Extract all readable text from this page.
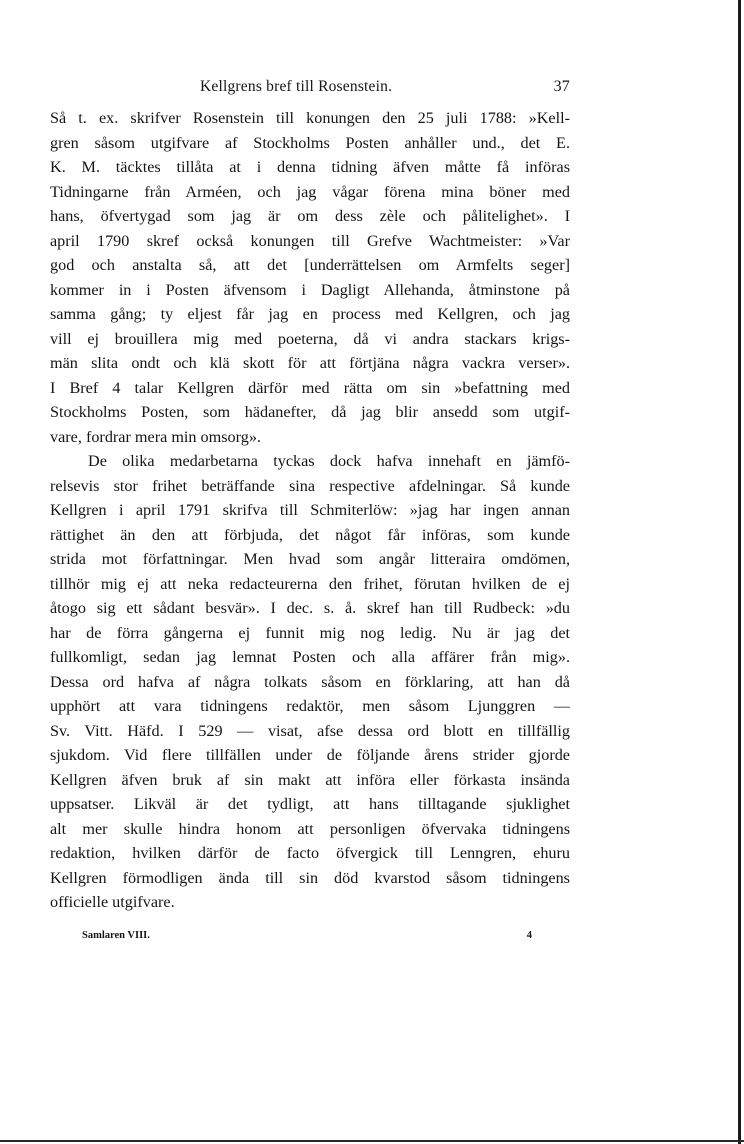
Kellgrens bref till Rosenstein.	37
Så t. ex. skrifver Rosenstein till konungen den 25 juli 1788: »Kell-
gren såsom utgifvare af Stockholms Posten anhåller und., det E.
K. M. täcktes tillåta at i denna tidning äfven måtte få införas
Tidningarne från Arméen, och jag vågar förena mina böner med
hans, öfvertygad som jag är om dess zèle och pålitelighet». I
april 1790 skref också konungen till Grefve Wachtmeister: »Var
god och anstalta så, att det [underrättelsen om Armfelts seger]
kommer in i Posten äfvensom i Dagligt Allehanda, åtminstone på
samma gång; ty eljest får jag en process med Kellgren, och jag
vill ej brouillera mig med poeterna, då vi andra stackars krigs-
män slita ondt och klä skott för att förtjäna några vackra verser».
I Bref 4 talar Kellgren därför med rätta om sin »befattning med
Stockholms Posten, som hädanefter, då jag blir ansedd som utgif-
vare, fordrar mera min omsorg».
De olika medarbetarna tyckas dock hafva innehaft en jämfö-
relsevis stor frihet beträffande sina respective afdelningar. Så kunde
Kellgren i april 1791 skrifva till Schmiterlöw: »jag har ingen annan
rättighet än den att förbjuda, det något får införas, som kunde
strida mot författningar. Men hvad som angår litteraira omdömen,
tillhör mig ej att neka redacteurerna den frihet, förutan hvilken de ej
åtogo sig ett sådant besvär». I dec. s. å. skref han till Rudbeck: »du
har de förra gångerna ej funnit mig nog ledig. Nu är jag det
fullkomligt, sedan jag lemnat Posten och alla affärer från mig».
Dessa ord hafva af några tolkats såsom en förklaring, att han då
upphört att vara tidningens redaktör, men såsom Ljunggren —
Sv. Vitt. Häfd. I 529 — visat, afse dessa ord blott en tillfällig
sjukdom. Vid flere tillfällen under de följande årens strider gjorde
Kellgren äfven bruk af sin makt att införa eller förkasta insända
uppsatser. Likväl är det tydligt, att hans tilltagande sjuklighet
alt mer skulle hindra honom att personligen öfvervaka tidningens
redaktion, hvilken därför de facto öfvergick till Lenngren, ehuru
Kellgren förmodligen ända till sin död kvarstod såsom tidningens
officielle utgifvare.
Samlaren VIII.	4
